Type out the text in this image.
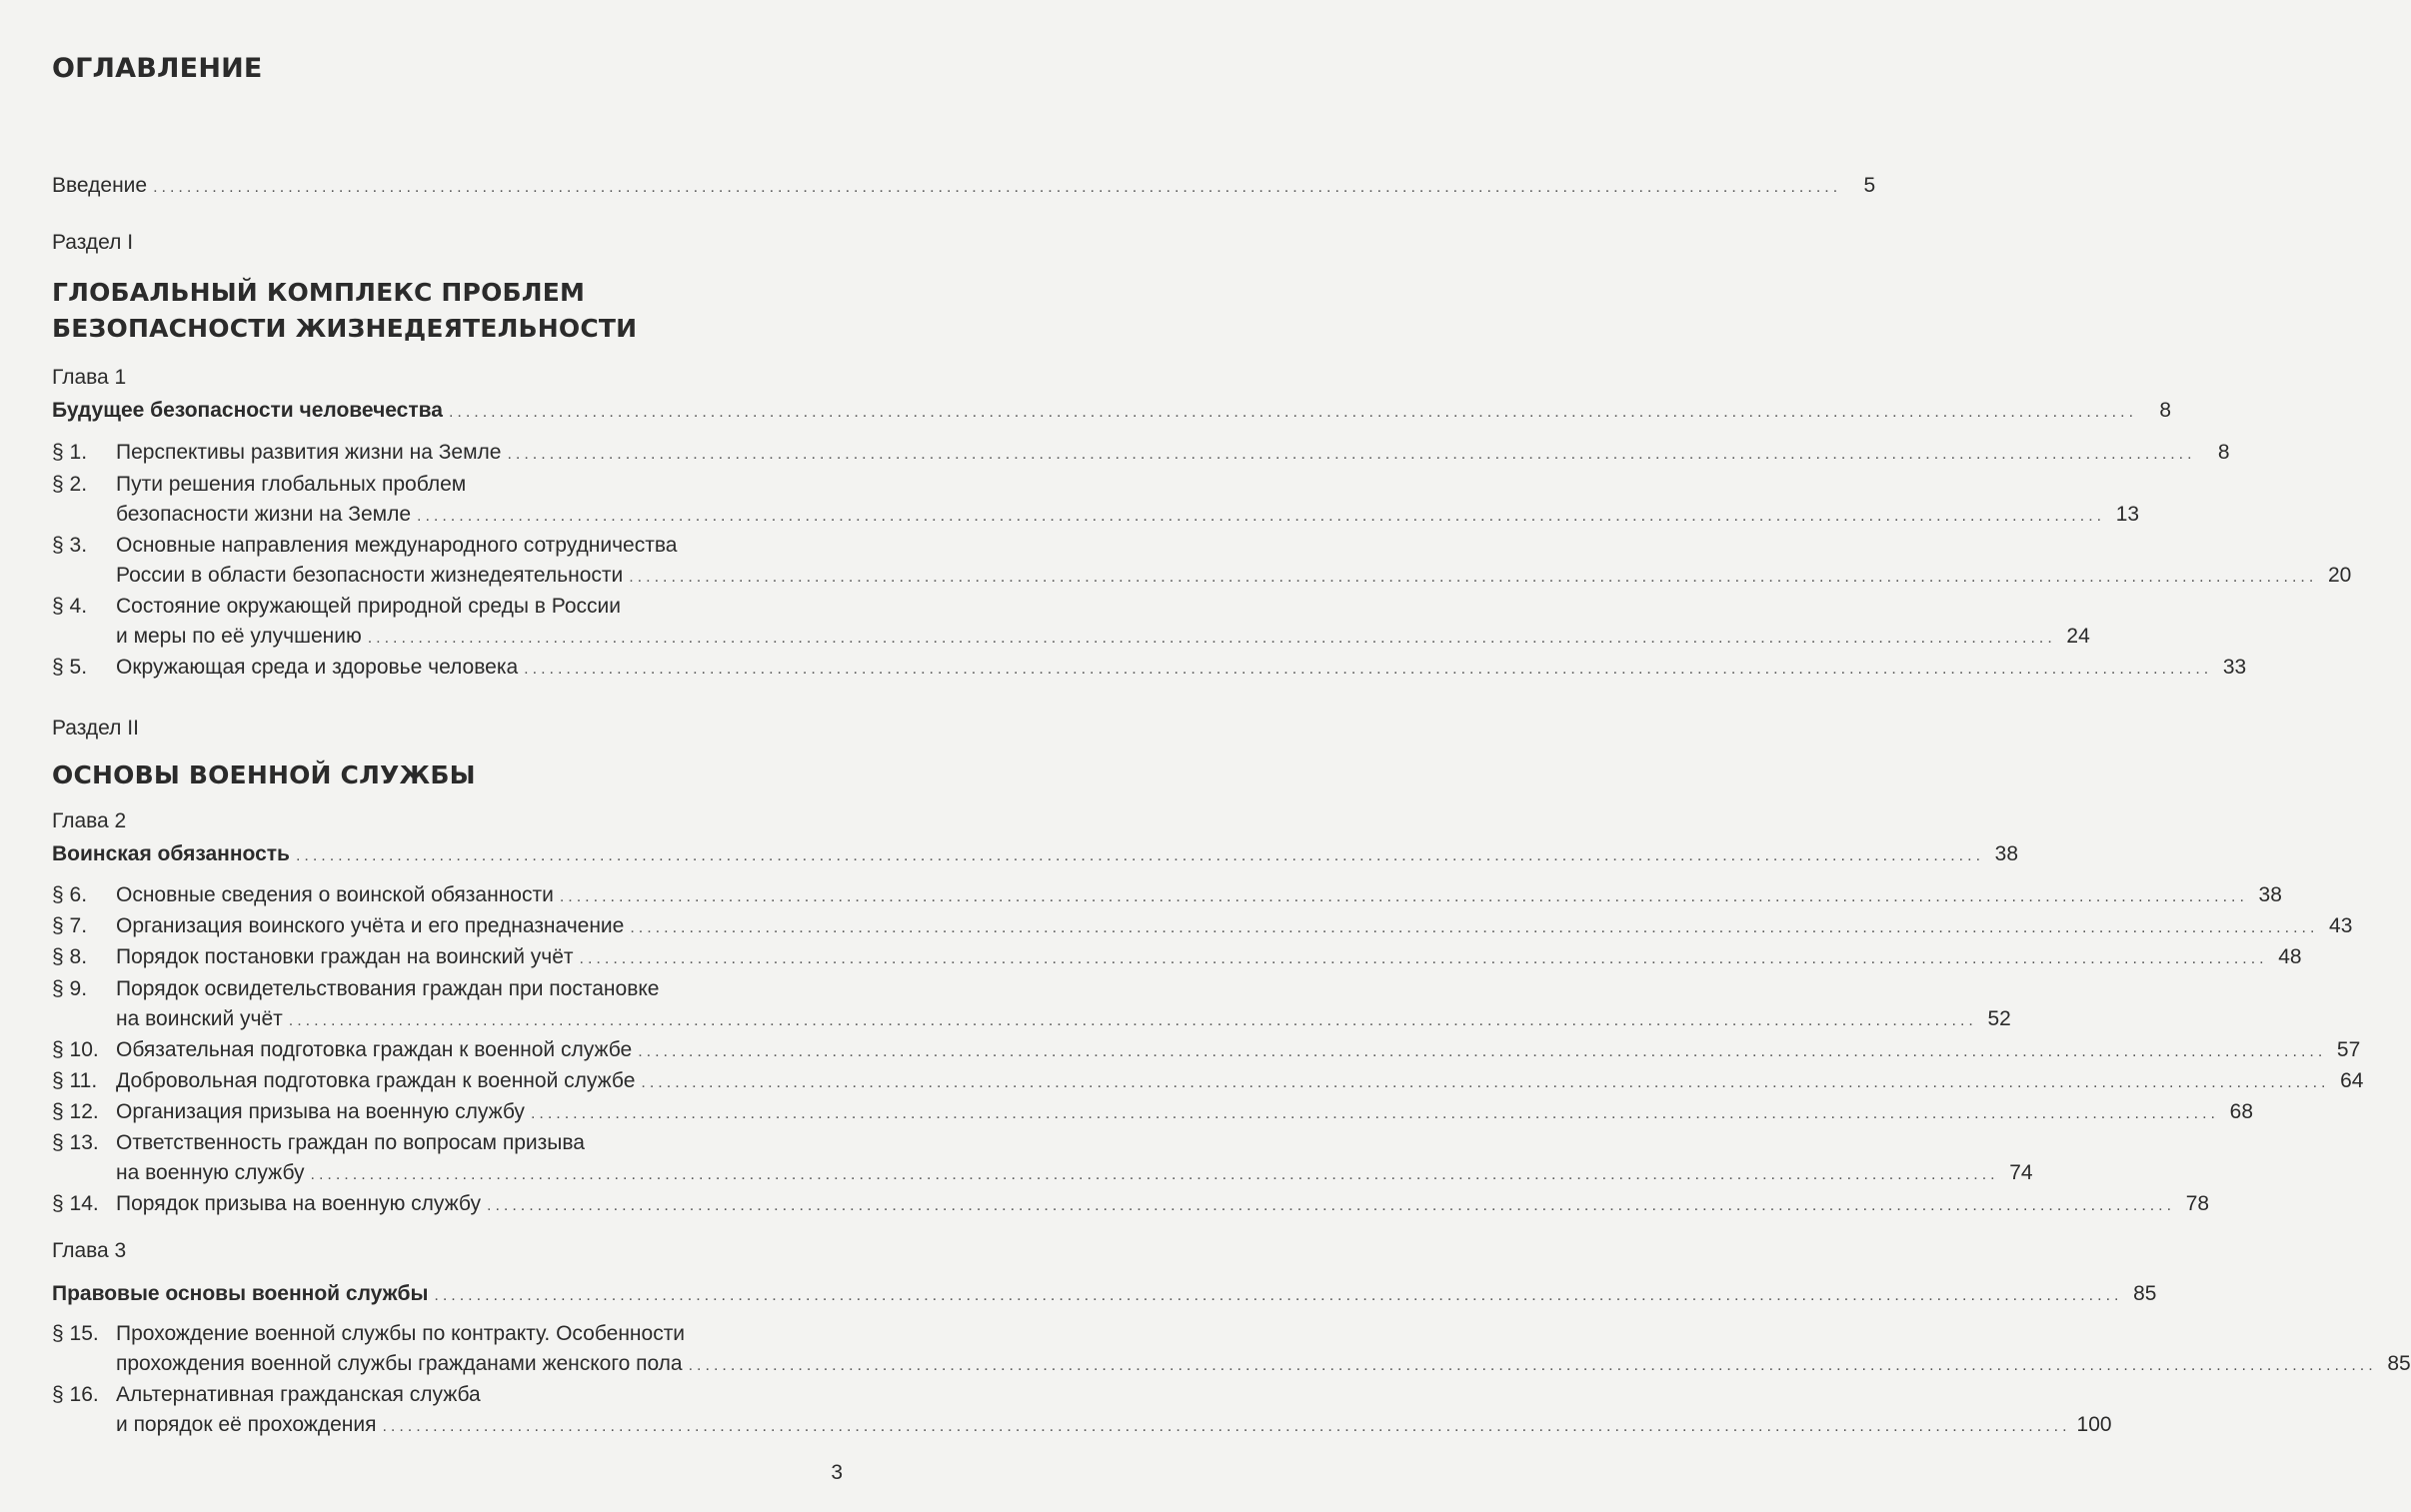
ОГЛАВЛЕНИЕ
Введение ........................................................................................................................................................................................................	5

Раздел I

ГЛОБАЛЬНЫЙ КОМПЛЕКС ПРОБЛЕМ
БЕЗОПАСНОСТИ ЖИЗНЕДЕЯТЕЛЬНОСТИ

Глава 1

Будущее безопасности человечества ........................................................................................................................................................................................................	8
§ 1.	Перспективы развития жизни на Земле ........................................................................................................................................................................................................	8
§ 2.	Пути решения глобальных проблем
безопасности жизни на Земле ........................................................................................................................................................................................................ 13
§ 3.	Основные направления международного сотрудничества
России в области безопасности жизнедеятельности ........................................................................................................................................................................................................ 20
§ 4.	Состояние окружающей природной среды в России
и меры по её улучшению ........................................................................................................................................................................................................ 24
§ 5.	Окружающая среда и здоровье человека ........................................................................................................................................................................................................ 33

Раздел II

ОСНОВЫ ВОЕННОЙ СЛУЖБЫ

Глава 2

Воинская обязанность ........................................................................................................................................................................................................ 38
§ 6.	Основные сведения о воинской обязанности ........................................................................................................................................................................................................ 38
§ 7.	Организация воинского учёта и его предназначение ........................................................................................................................................................................................................ 43
§ 8.	Порядок постановки граждан на воинский учёт ........................................................................................................................................................................................................ 48
§ 9.	Порядок освидетельствования граждан при постановке
на воинский учёт ........................................................................................................................................................................................................ 52
§ 10. Обязательная подготовка граждан к военной службе ........................................................................................................................................................................................................ 57
§ 11. Добровольная подготовка граждан к военной службе ........................................................................................................................................................................................................ 64
§ 12. Организация призыва на военную службу ........................................................................................................................................................................................................ 68
§ 13. Ответственность граждан по вопросам призыва
на военную службу ........................................................................................................................................................................................................ 74
§ 14. Порядок призыва на военную службу ........................................................................................................................................................................................................ 78

Глава 3

Правовые основы военной службы ........................................................................................................................................................................................................ 85
§ 15. Прохождение военной службы по контракту. Особенности
прохождения военной службы гражданами женского пола ........................................................................................................................................................................................................ 85
§ 16. Альтернативная гражданская служба
и порядок её прохождения ........................................................................................................................................................................................................ 100
3
